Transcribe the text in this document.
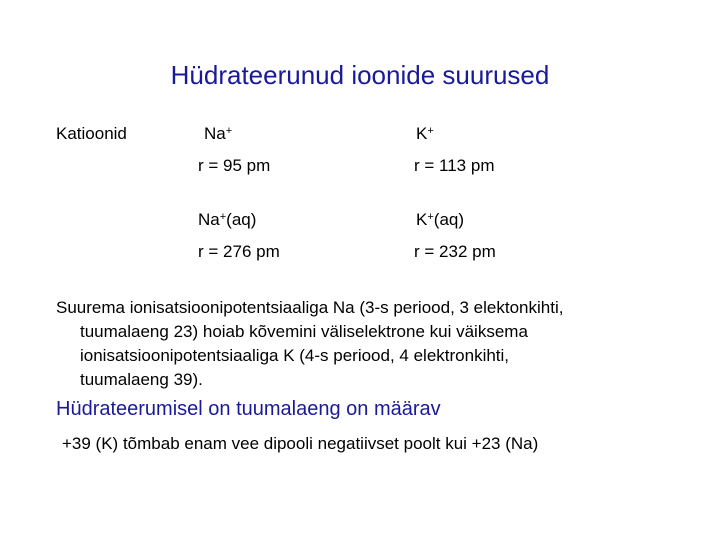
Hüdrateerunud ioonide suurused
Katioonid	Na+
r = 95 pm
K+
r = 113 pm
Na+(aq)
r = 276 pm
K+(aq)
r = 232 pm
Suurema ionisatsioonipotentsiaaliga Na (3-s periood, 3 elektonkihti,
tuumalaeng 23) hoiab kõvemini väliselektrone kui väiksema
ionisatsioonipotentsiaaliga K (4-s periood, 4 elektronkihti,
tuumalaeng 39).
Hüdrateerumisel on tuumalaeng on määrav
+39 (K) tõmbab enam vee dipooli negatiivset poolt kui +23 (Na)
